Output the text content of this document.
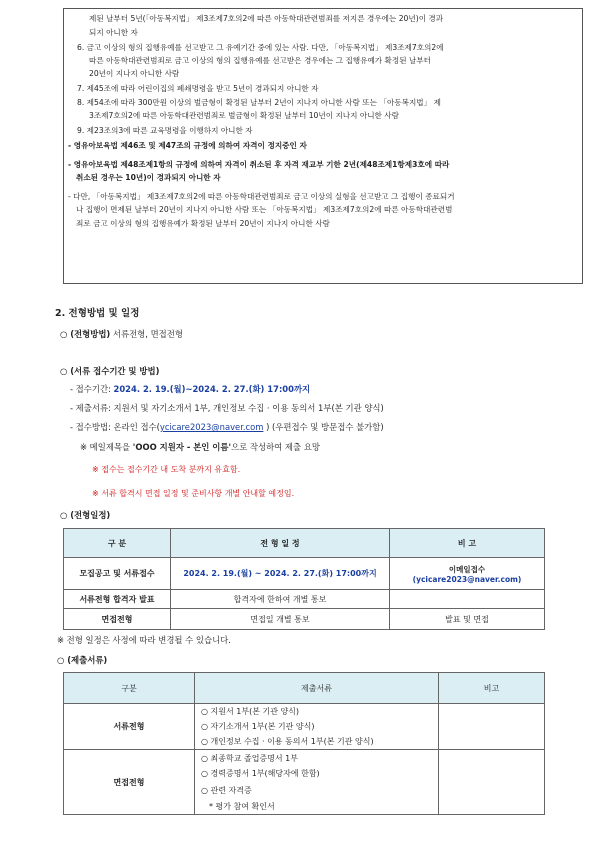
제된 날부터 5년(「아동복지법」 제3조제7호의2에 따른 아동학대관련범죄를 저지른 경우에는 20년)이 경과
되지 아니한 자
6. 금고 이상의 형의 집행유예를 선고받고 그 유예기간 중에 있는 사람. 다만, 「아동복지법」 제3조제7호의2에
따른 아동학대관련범죄로 금고 이상의 형의 집행유예를 선고받은 경우에는 그 집행유예가 확정된 날부터
20년이 지나지 아니한 사람
7. 제45조에 따라 어린이집의 폐쇄명령을 받고 5년이 경과되지 아니한 자
8. 제54조에 따라 300만원 이상의 벌금형이 확정된 날부터 2년이 지나지 아니한 사람 또는 「아동복지법」 제
3조제7호의2에 따른 아동학대관련범죄로 벌금형이 확정된 날부터 10년이 지나지 아니한 사람
9. 제23조의3에 따른 교육명령을 이행하지 아니한 자
- 영유아보육법 제46조 및 제47조의 규정에 의하여 자격이 정지중인 자
- 영유아보육법 제48조제1항의 규정에 의하여 자격이 취소된 후 자격 재교부 기한 2년(제48조제1항제3호에 따라
취소된 경우는 10년)이 경과되지 아니한 자
- 다만, 「아동복지법」 제3조제7호의2에 따른 아동학대관련범죄로 금고 이상의 실형을 선고받고 그 집행이 종료되거
나 집행이 면제된 날부터 20년이 지나지 아니한 사람 또는 「아동복지법」 제3조제7호의2에 따른 아동학대관련범
죄로 금고 이상의 형의 집행유예가 확정된 날부터 20년이 지나지 아니한 사람
2. 전형방법 및 일정
○ (전형방법) 서류전형, 면접전형
○ (서류 접수기간 및 방법)
- 접수기간: 2024. 2. 19.(월)~2024. 2. 27.(화) 17:00까지
- 제출서류: 지원서 및 자기소개서 1부, 개인정보 수집 · 이용 동의서 1부(본 기관 양식)
- 접수방법: 온라인 접수(ycicare2023@naver.com ) (우편접수 및 방문접수 불가함)
※ 메일제목을 'OOO 지원자 - 본인 이름'으로 작성하여 제출 요망
※ 접수는 접수기간 내 도착 분까지 유효함.
※ 서류 합격시 면접 일정 및 준비사항 개별 안내할 예정임.
○ (전형일정)
구 분	전 형 일 정	비 고
모집공고 및 서류접수	2024. 2. 19.(월) ~ 2024. 2. 27.(화) 17:00까지	이메일접수
(ycicare2023@naver.com)

서류전형 합격자 발표	합격자에 한하여 개별 통보	
면접전형	면접일 개별 통보	발표 및 면접
※ 전형 일정은 사정에 따라 변경될 수 있습니다.
○ (제출서류)
구분	제출서류	비고
서류전형	○ 지원서 1부(본 기관 양식)
○ 자기소개서 1부(본 기관 양식)
○ 개인정보 수집 · 이용 동의서 1부(본 기관 양식)	

면접전형	○ 최종학교 졸업증명서 1부
○ 경력증명서 1부(해당자에 한함)
○ 관련 자격증
* 평가 참여 확인서	
